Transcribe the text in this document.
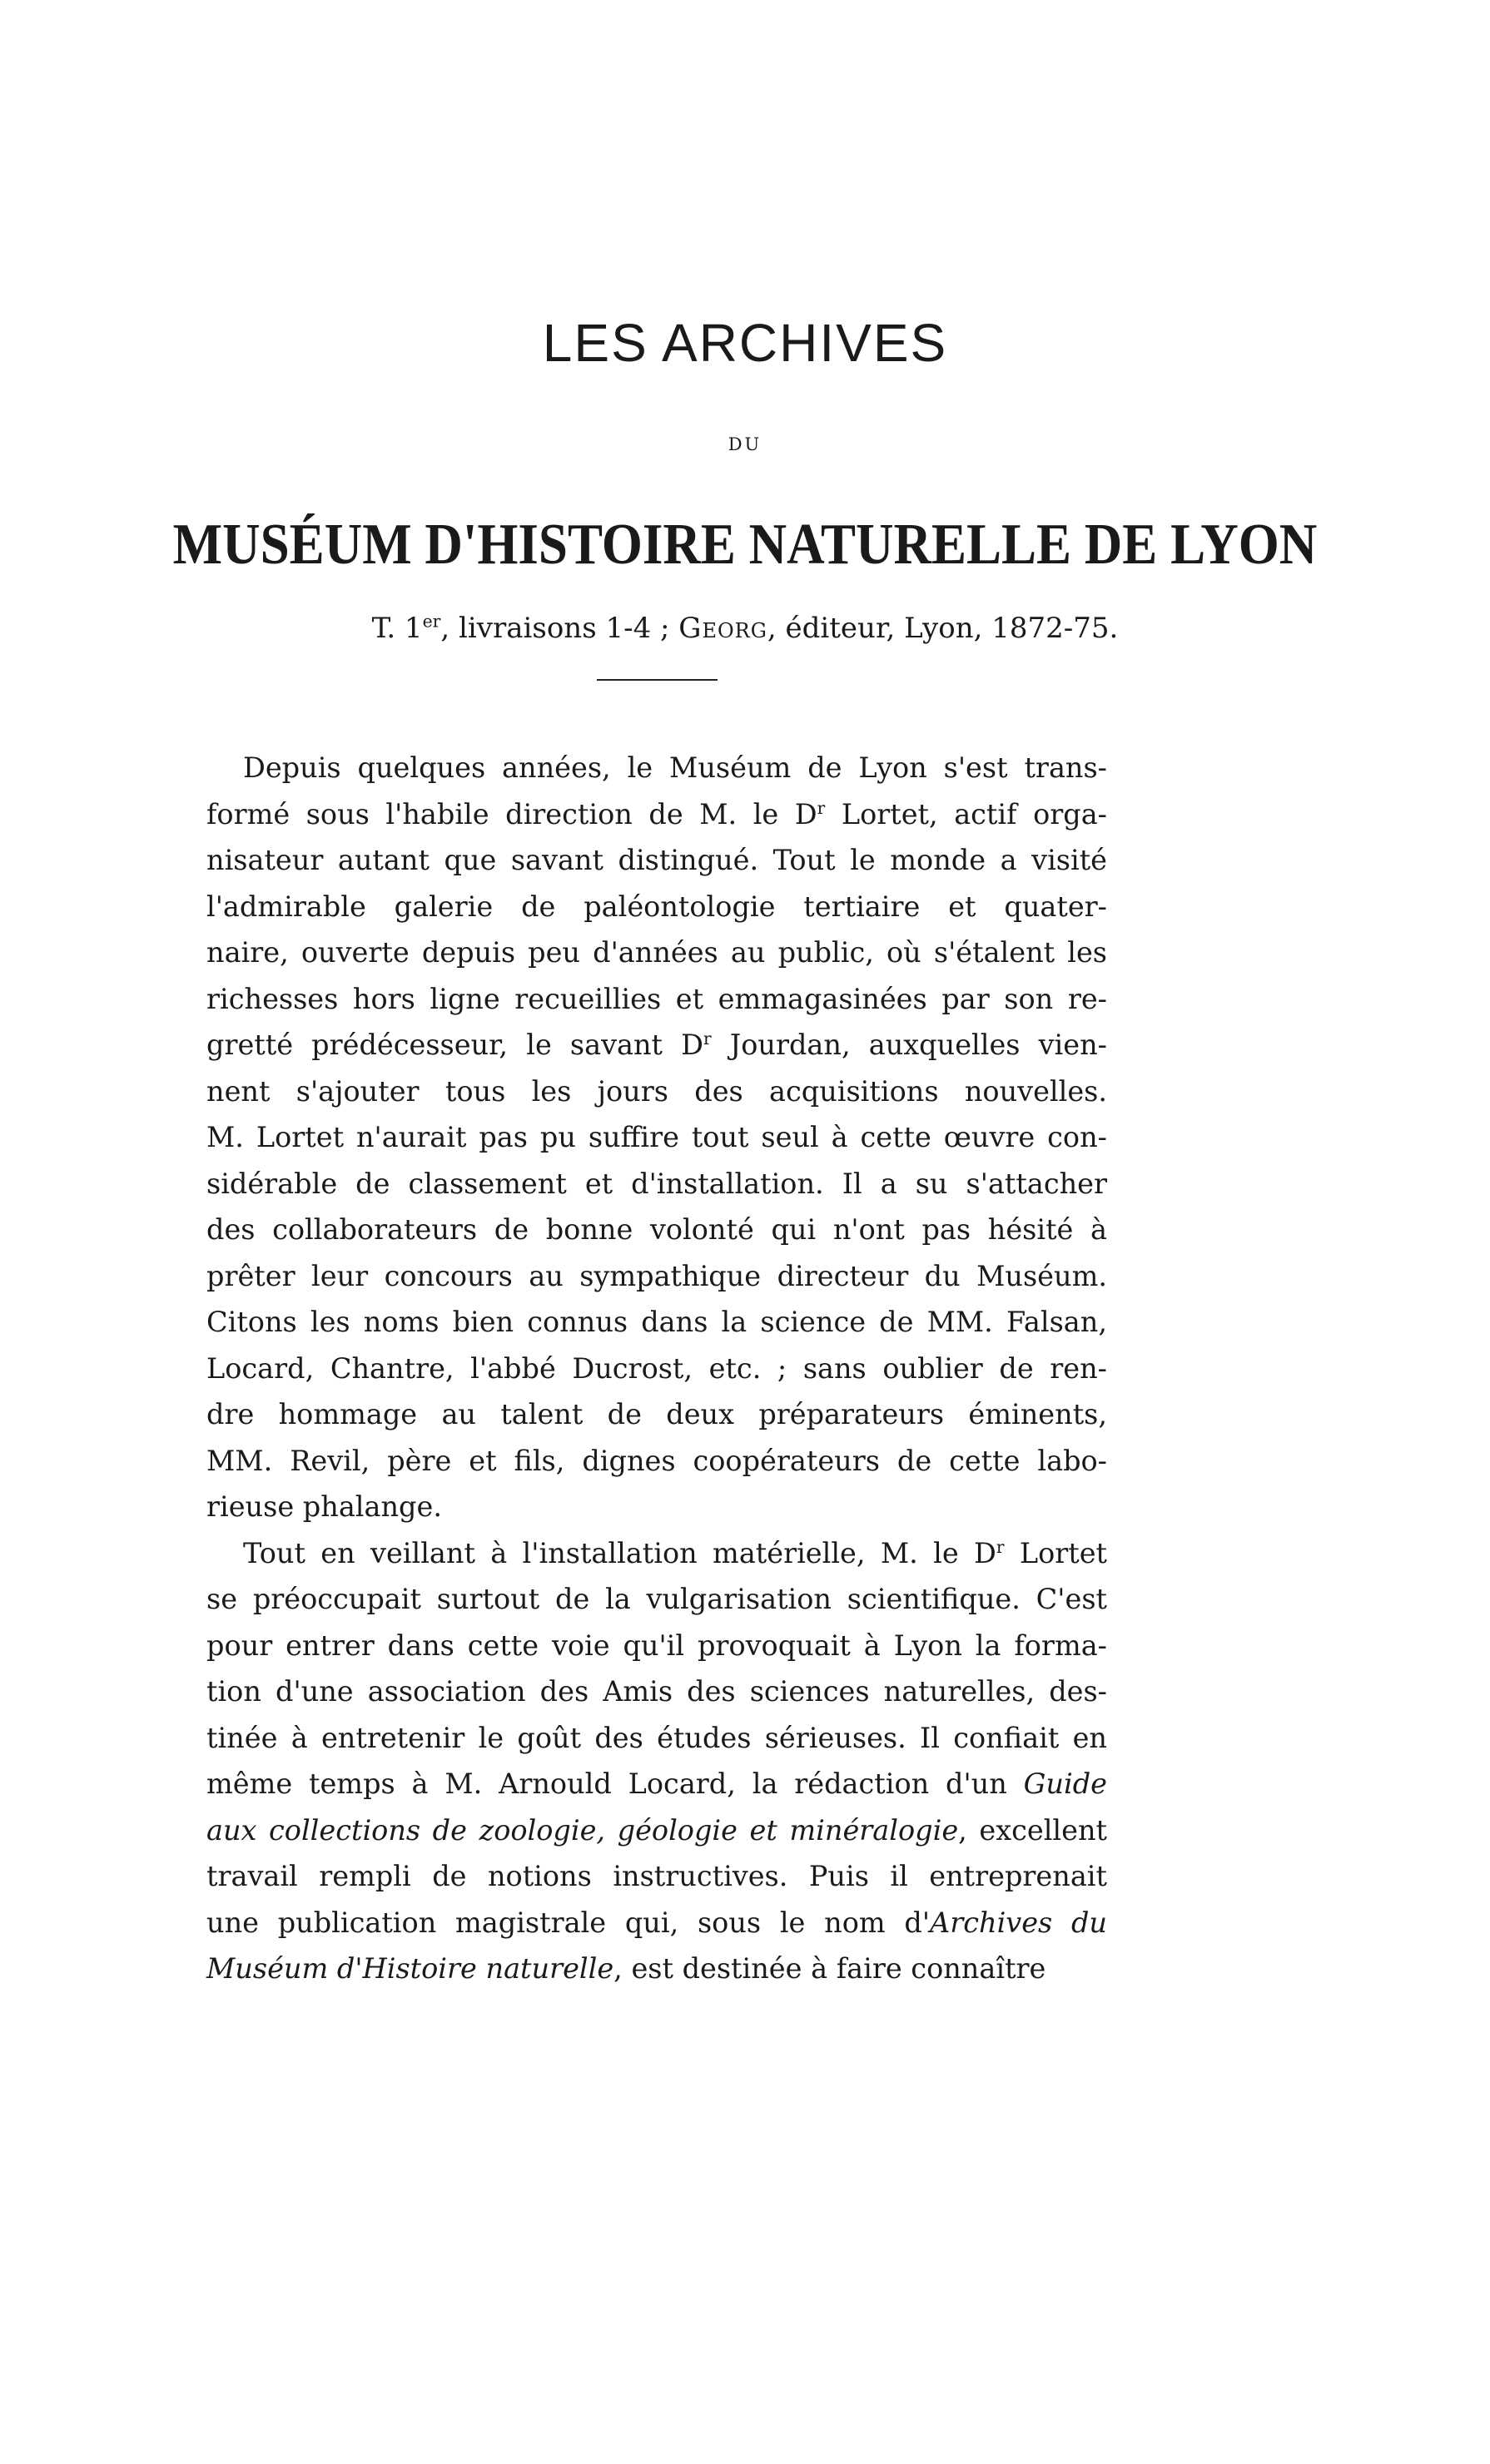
LES ARCHIVES
DU
MUSÉUM D'HISTOIRE NATURELLE DE LYON
T. 1er, livraisons 1-4 ; Georg, éditeur, Lyon, 1872-75.
Depuis quelques années, le Muséum de Lyon s'est trans-
formé sous l'habile direction de M. le $D^r$ Lortet, actif orga-
nisateur autant que savant distingué. Tout le monde a visité
l'admirable galerie de paléontologie tertiaire et quater-
naire, ouverte depuis peu d'années au public, où s'étalent les
richesses hors ligne recueillies et emmagasinées par son re-
gretté prédécesseur, le savant $D^r$ Jourdan, auxquelles vien-
nent s'ajouter tous les jours des acquisitions nouvelles.
M. Lortet n'aurait pas pu suffire tout seul à cette œuvre con-
sidérable de classement et d'installation. Il a su s'attacher
des collaborateurs de bonne volonté qui n'ont pas hésité à
prêter leur concours au sympathique directeur du Muséum.
Citons les noms bien connus dans la science de MM. Falsan,
Locard, Chantre, l'abbé Ducrost, etc. ; sans oublier de ren-
dre hommage au talent de deux préparateurs éminents,
MM. Revil, père et fils, dignes coopérateurs de cette labo-
rieuse phalange.
Tout en veillant à l'installation matérielle, M. le $D^r$ Lortet
se préoccupait surtout de la vulgarisation scientifique. C'est
pour entrer dans cette voie qu'il provoquait à Lyon la forma-
tion d'une association des Amis des sciences naturelles, des-
tinée à entretenir le goût des études sérieuses. Il confiait en
même temps à M. Arnould Locard, la rédaction d'un Guide
aux collections de zoologie, géologie et minéralogie, excellent
travail rempli de notions instructives. Puis il entreprenait
une publication magistrale qui, sous le nom d'Archives du
Muséum d'Histoire naturelle, est destinée à faire connaître
